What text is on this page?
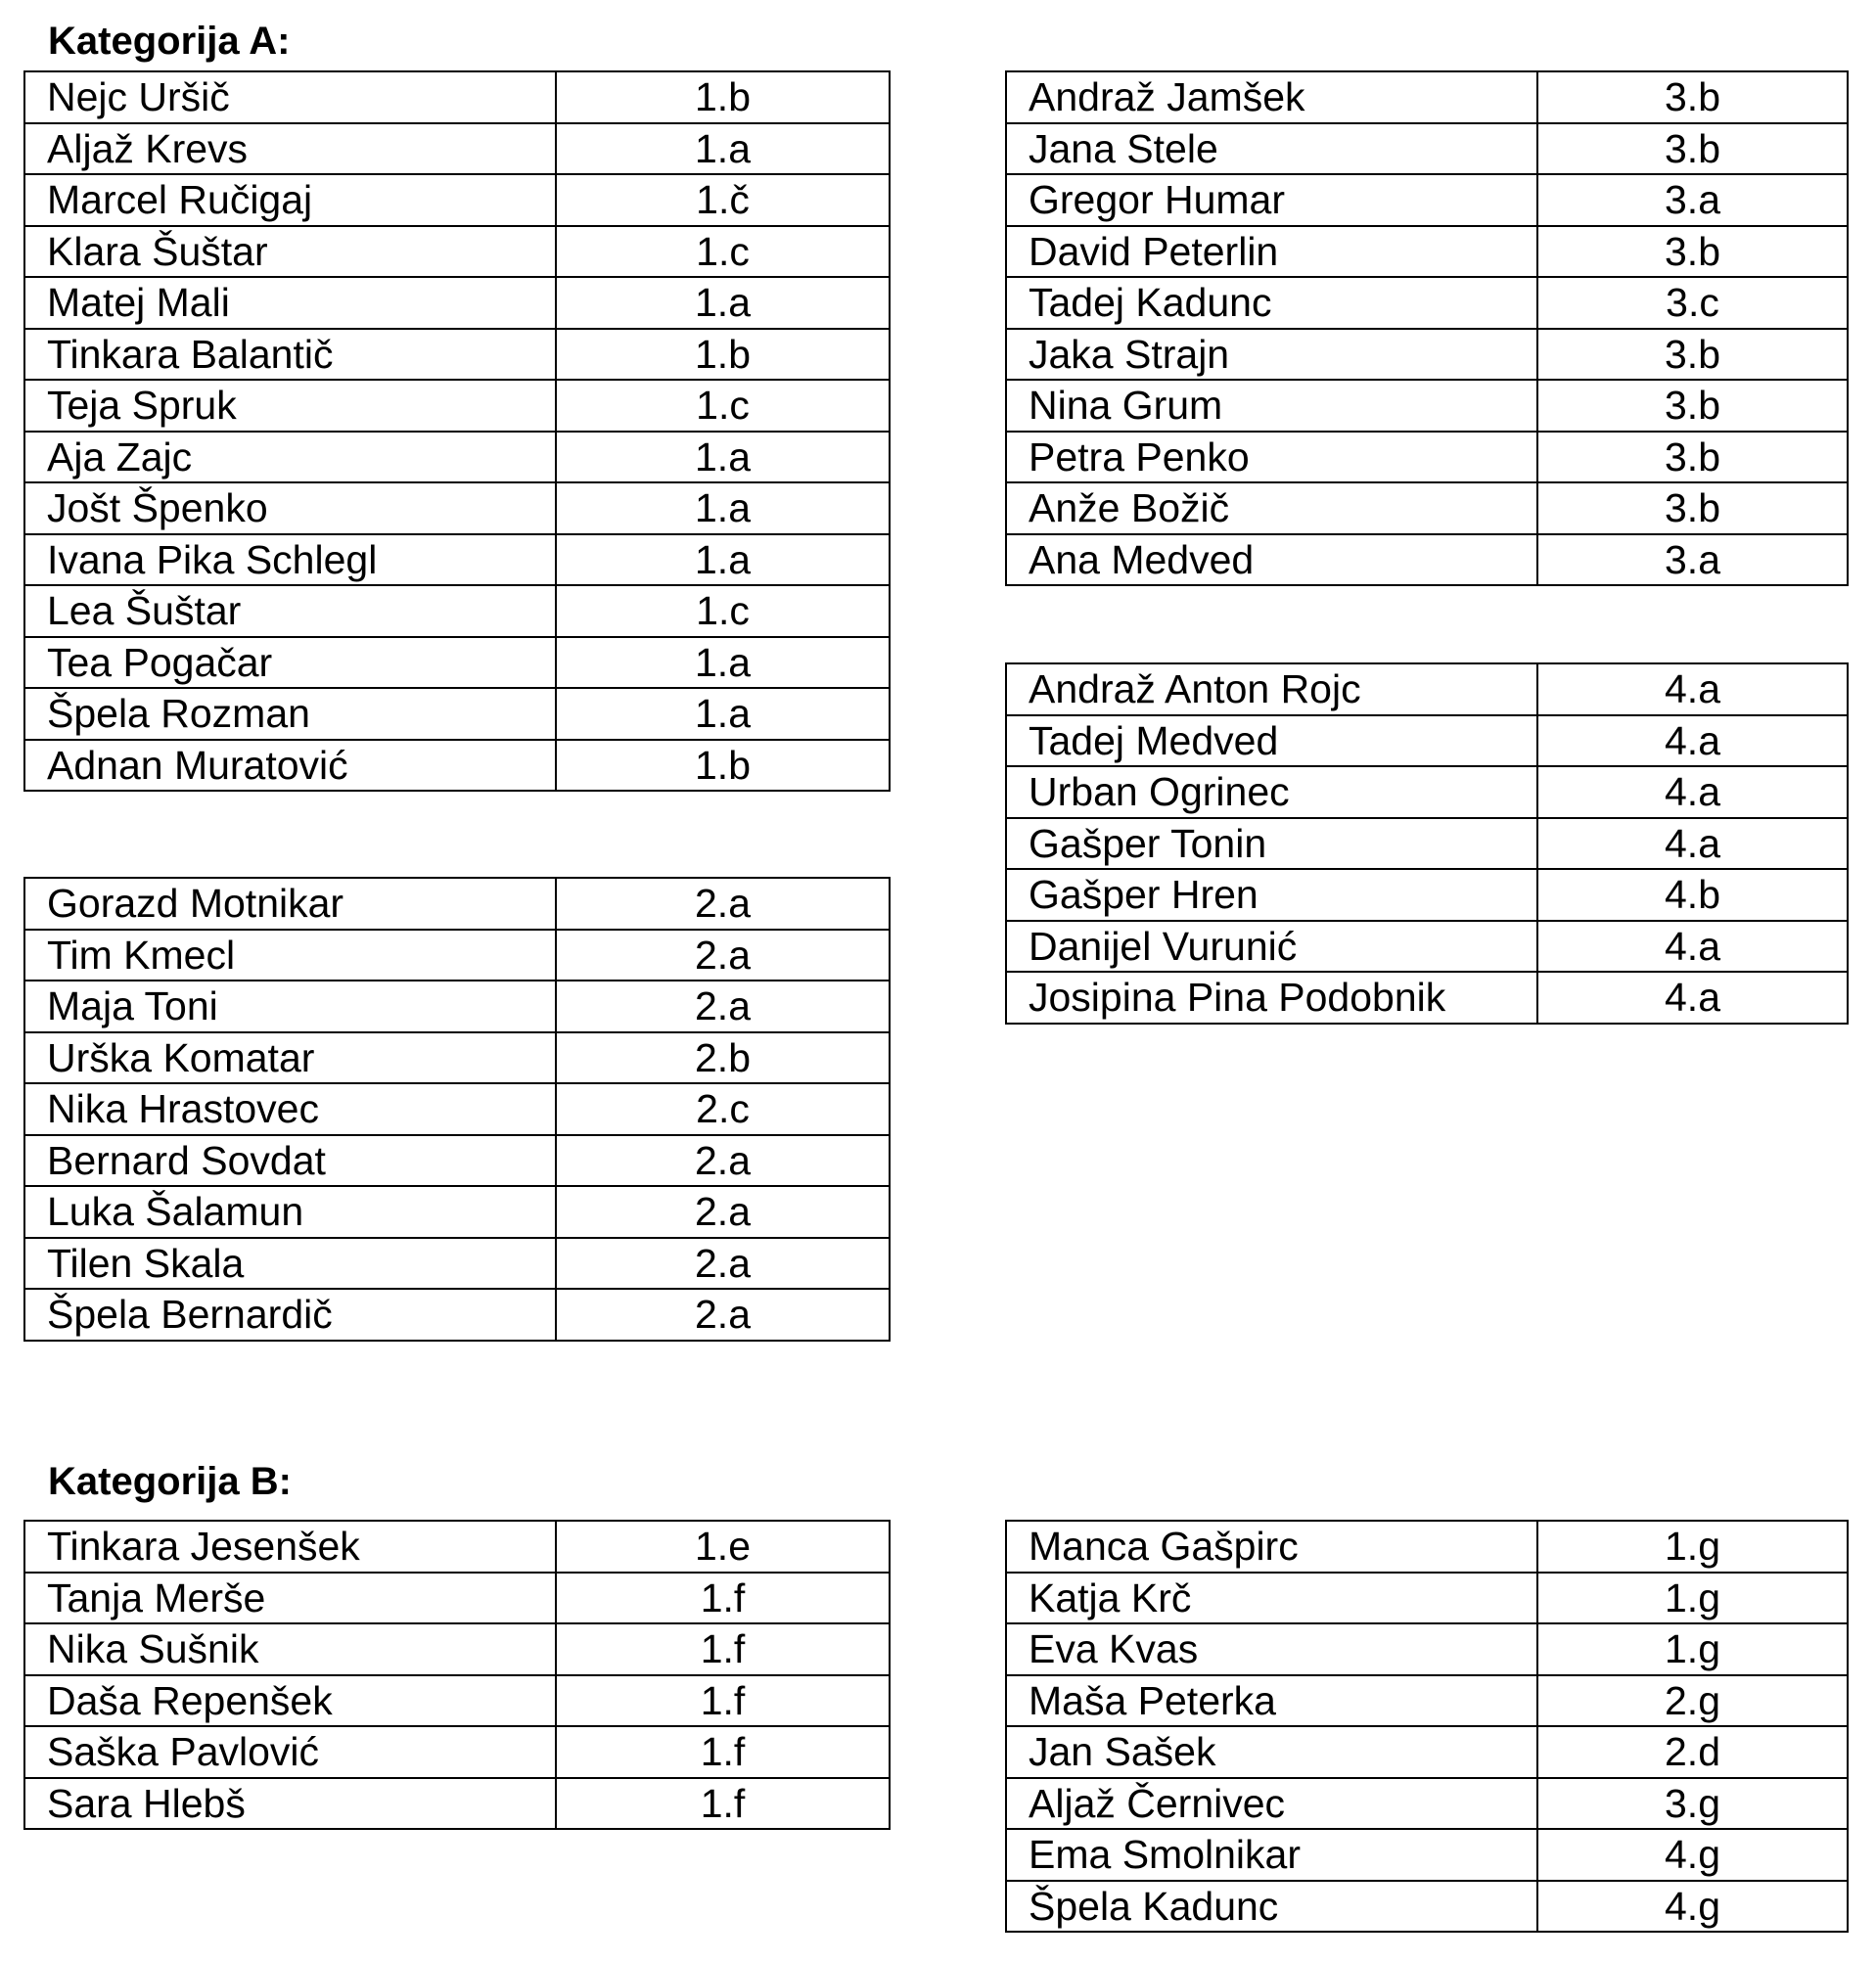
Kategorija A:
Nejc Uršič	1.b
Aljaž Krevs	1.a
Marcel Ručigaj	1.č
Klara Šuštar	1.c
Matej Mali	1.a
Tinkara Balantič	1.b
Teja Spruk	1.c
Aja Zajc	1.a
Jošt Špenko	1.a
Ivana Pika Schlegl	1.a
Lea Šuštar	1.c
Tea Pogačar	1.a
Špela Rozman	1.a
Adnan Muratović	1.b
Gorazd Motnikar	2.a
Tim Kmecl	2.a
Maja Toni	2.a
Urška Komatar	2.b
Nika Hrastovec	2.c
Bernard Sovdat	2.a
Luka Šalamun	2.a
Tilen Skala	2.a
Špela Bernardič	2.a
Andraž Jamšek	3.b
Jana Stele	3.b
Gregor Humar	3.a
David Peterlin	3.b
Tadej Kadunc	3.c
Jaka Strajn	3.b
Nina Grum	3.b
Petra Penko	3.b
Anže Božič	3.b
Ana Medved	3.a
Andraž Anton Rojc	4.a
Tadej Medved	4.a
Urban Ogrinec	4.a
Gašper Tonin	4.a
Gašper Hren	4.b
Danijel Vurunić	4.a
Josipina Pina Podobnik	4.a
Kategorija B:
Tinkara Jesenšek	1.e
Tanja Merše	1.f
Nika Sušnik	1.f
Daša Repenšek	1.f
Saška Pavlović	1.f
Sara Hlebš	1.f
Manca Gašpirc	1.g
Katja Krč	1.g
Eva Kvas	1.g
Maša Peterka	2.g
Jan Sašek	2.d
Aljaž Černivec	3.g
Ema Smolnikar	4.g
Špela Kadunc	4.g
